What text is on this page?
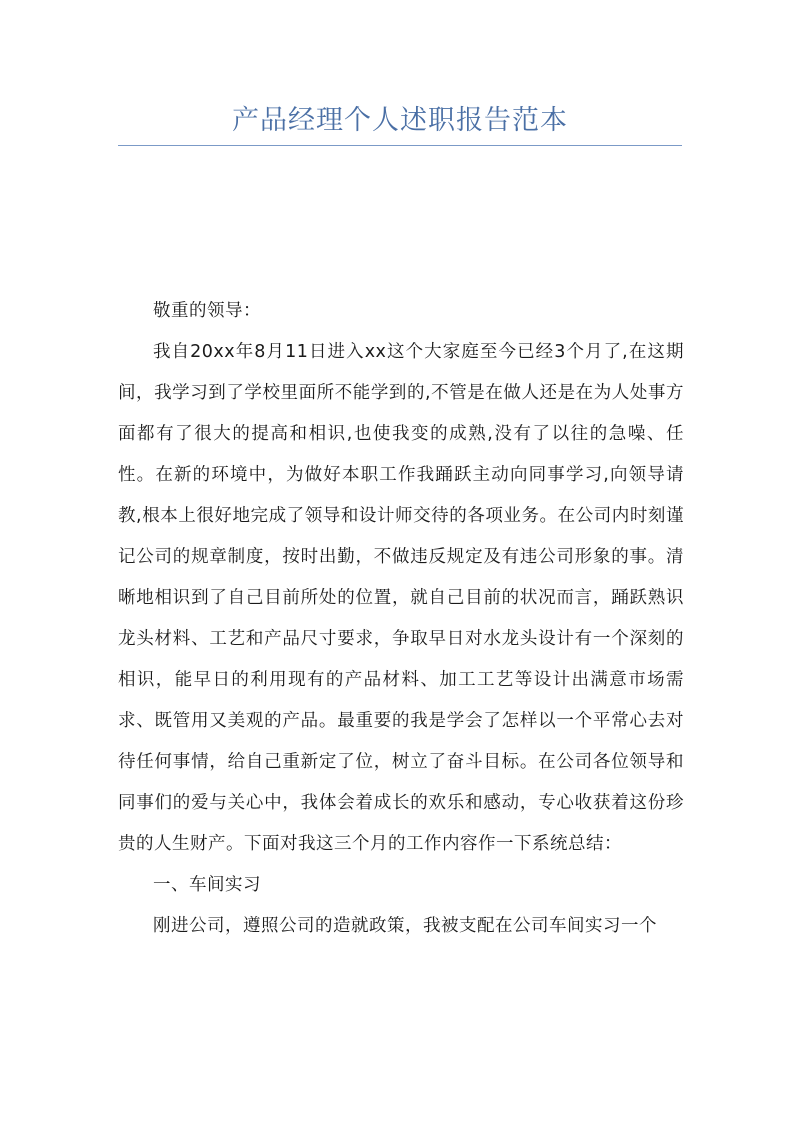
产品经理个人述职报告范本

敬重的领导：

我自20xx年8月11日进入xx这个大家庭至今已经3个月了,在这期间，我学习到了学校里面所不能学到的,不管是在做人还是在为人处事方面都有了很大的提高和相识,也使我变的成熟,没有了以往的急噪、任性。在新的环境中，为做好本职工作我踊跃主动向同事学习,向领导请教,根本上很好地完成了领导和设计师交待的各项业务。在公司内时刻谨记公司的规章制度，按时出勤，不做违反规定及有违公司形象的事。清晰地相识到了自己目前所处的位置，就自己目前的状况而言，踊跃熟识龙头材料、工艺和产品尺寸要求，争取早日对水龙头设计有一个深刻的相识，能早日的利用现有的产品材料、加工工艺等设计出满意市场需求、既管用又美观的产品。最重要的我是学会了怎样以一个平常心去对待任何事情，给自己重新定了位，树立了奋斗目标。在公司各位领导和同事们的爱与关心中，我体会着成长的欢乐和感动，专心收获着这份珍贵的人生财产。下面对我这三个月的工作内容作一下系统总结：

一、车间实习

刚进公司，遵照公司的造就政策，我被支配在公司车间实习一个
